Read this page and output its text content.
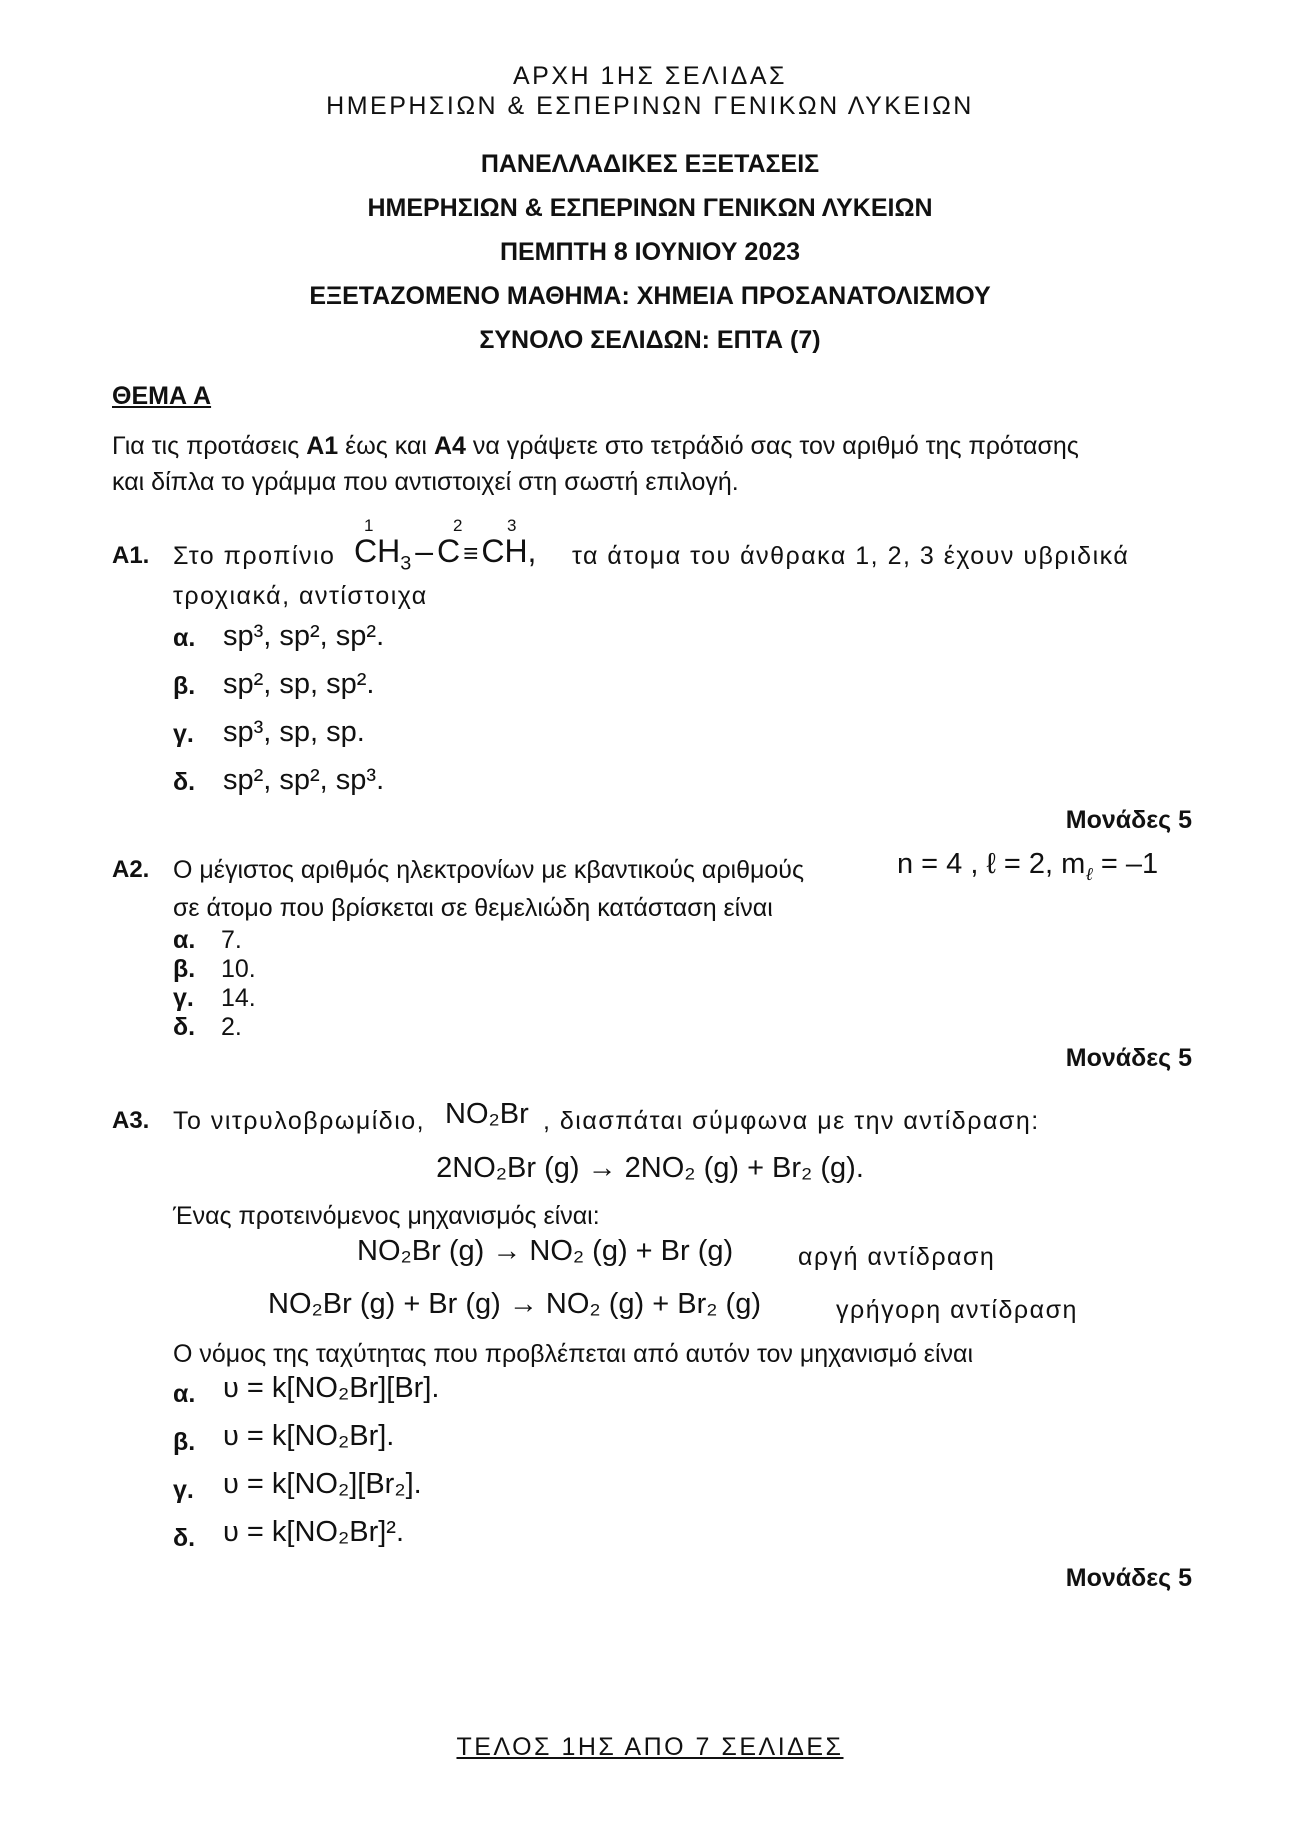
ΑΡΧΗ 1ΗΣ ΣΕΛΙΔΑΣ
ΗΜΕΡΗΣΙΩΝ & ΕΣΠΕΡΙΝΩΝ ΓΕΝΙΚΩΝ ΛΥΚΕΙΩΝ
ΠΑΝΕΛΛΑΔΙΚΕΣ ΕΞΕΤΑΣΕΙΣ
ΗΜΕΡΗΣΙΩΝ & ΕΣΠΕΡΙΝΩΝ ΓΕΝΙΚΩΝ ΛΥΚΕΙΩΝ
ΠΕΜΠΤΗ 8 ΙΟΥΝΙΟΥ 2023
ΕΞΕΤΑΖΟΜΕΝΟ ΜΑΘΗΜΑ: ΧΗΜΕΙΑ ΠΡΟΣΑΝΑΤΟΛΙΣΜΟΥ
ΣΥΝΟΛΟ ΣΕΛΙΔΩΝ: ΕΠΤΑ (7)
ΘΕΜΑ Α
Για τις προτάσεις Α1 έως και Α4 να γράψετε στο τετράδιό σας τον αριθμό της πρότασης
και δίπλα το γράμμα που αντιστοιχεί στη σωστή επιλογή.
Α1. Στο προπίνιο
1	2	3
$CH_3 - C \equiv CH$, τα άτομα του άνθρακα 1, 2, 3 έχουν υβριδικά
τροχιακά, αντίστοιχα
α. sp³, sp², sp².
β. sp², sp, sp².
γ. sp³, sp, sp.
δ. sp², sp², sp³.
Μονάδες 5
Α2. Ο μέγιστος αριθμός ηλεκτρονίων με κβαντικούς αριθμούς	n = 4 , ℓ = 2, $m_\ell = -1$
σε άτομο που βρίσκεται σε θεμελιώδη κατάσταση είναι
α. 7.
β. 10.
γ. 14.
δ. 2.
Μονάδες 5
Α3. Το νιτρυλοβρωμίδιο, NO₂Br , διασπάται σύμφωνα με την αντίδραση:
2NO₂Br (g) → 2NO₂ (g) + Br₂ (g).
Ένας προτεινόμενος μηχανισμός είναι:
NO₂Br (g) → NO₂ (g) + Br (g)	αργή αντίδραση
NO₂Br (g) + Br (g) → NO₂ (g) + Br₂ (g)	γρήγορη αντίδραση
Ο νόμος της ταχύτητας που προβλέπεται από αυτόν τον μηχανισμό είναι
α. υ = k[NO₂Br][Br].
β. υ = k[NO₂Br].
γ. υ = k[NO₂][Br₂].
δ. υ = k[NO₂Br]².
Μονάδες 5
ΤΕΛΟΣ 1ΗΣ ΑΠΟ 7 ΣΕΛΙΔΕΣ
